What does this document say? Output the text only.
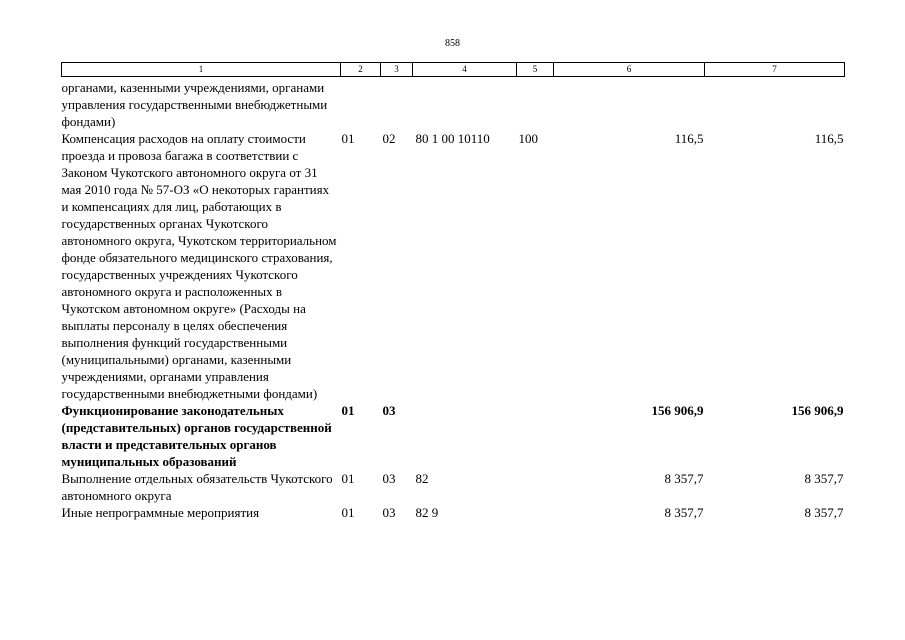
858
1	2	3	4	5	6	7
органами, казенными учреждениями, органами управления государственными внебюджетными фондами)						
Компенсация расходов на оплату стоимости проезда и провоза багажа в соответствии с Законом Чукотского автономного округа от 31 мая 2010 года № 57-ОЗ «О некоторых гарантиях и компенсациях для лиц, работающих в государственных органах Чукотского автономного округа, Чукотском территориальном фонде обязательного медицинского страхования, государственных учреждениях Чукотского автономного округа и расположенных в Чукотском автономном округе» (Расходы на выплаты персоналу в целях обеспечения выполнения функций государственными (муниципальными) органами, казенными учреждениями, органами управления государственными внебюджетными фондами)	01	02	80 1 00 10110	100	116,5	116,5
Функционирование законодательных (представительных) органов государственной власти и представительных органов муниципальных образований	01	03			156 906,9	156 906,9
Выполнение отдельных обязательств Чукотского автономного округа	01	03	82		8 357,7	8 357,7
Иные непрограммные мероприятия	01	03	82 9		8 357,7	8 357,7
